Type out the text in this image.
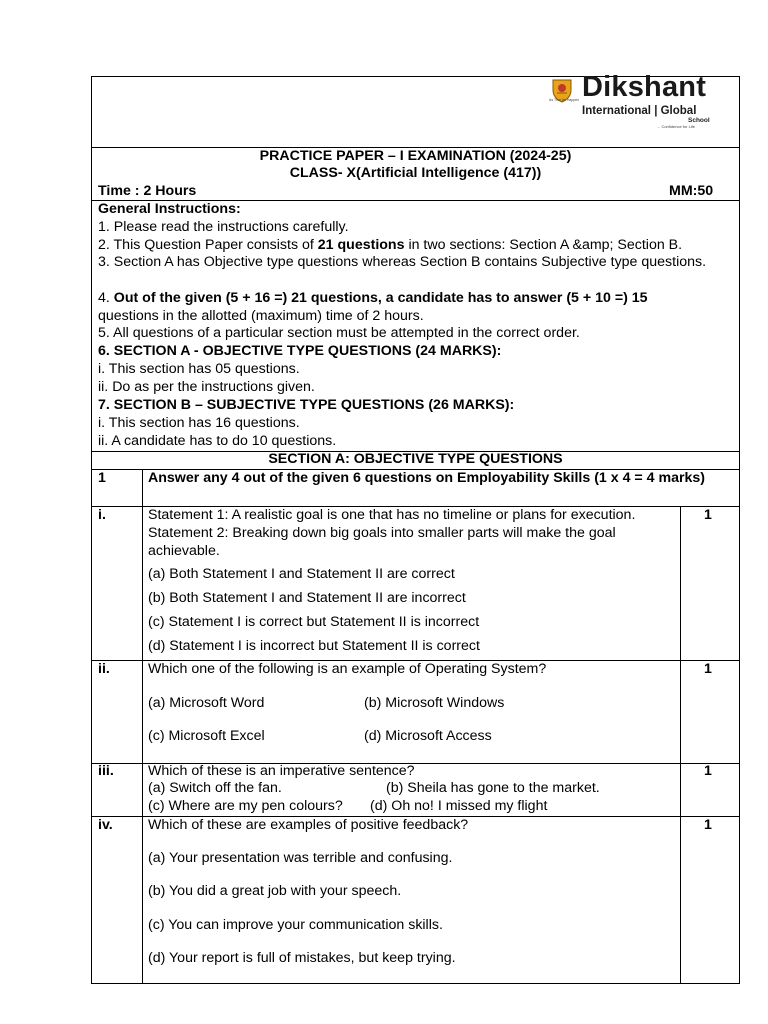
As True As Happen Dikshant
International | Global
School
... Confidence for Life
PRACTICE PAPER – I EXAMINATION (2024-25)
CLASS- X(Artificial Intelligence (417))
Time : 2 Hours	MM:50
General Instructions:
1. Please read the instructions carefully.
2. This Question Paper consists of 21 questions in two sections: Section A &amp; Section B.
3. Section A has Objective type questions whereas Section B contains Subjective type questions.
4. Out of the given (5 + 16 =) 21 questions, a candidate has to answer (5 + 10 =) 15
questions in the allotted (maximum) time of 2 hours.
5. All questions of a particular section must be attempted in the correct order.
6. SECTION A - OBJECTIVE TYPE QUESTIONS (24 MARKS):
i. This section has 05 questions.
ii. Do as per the instructions given.
7. SECTION B – SUBJECTIVE TYPE QUESTIONS (26 MARKS):
i. This section has 16 questions.
ii. A candidate has to do 10 questions.
SECTION A: OBJECTIVE TYPE QUESTIONS
1	Answer any 4 out of the given 6 questions on Employability Skills (1 x 4 = 4 marks)
i.	Statement 1: A realistic goal is one that has no timeline or plans for execution.
Statement 2: Breaking down big goals into smaller parts will make the goal
achievable.
(a) Both Statement I and Statement II are correct
(b) Both Statement I and Statement II are incorrect
(c) Statement I is correct but Statement II is incorrect
(d) Statement I is incorrect but Statement II is correct
1
ii.	Which one of the following is an example of Operating System?
(a) Microsoft Word	(b) Microsoft Windows
(c) Microsoft Excel	(d) Microsoft Access
1
iii. Which of these is an imperative sentence?
(a) Switch off the fan.	(b) Sheila has gone to the market.
(c) Where are my pen colours? (d) Oh no! I missed my flight
1
iv. Which of these are examples of positive feedback?
(a) Your presentation was terrible and confusing.
(b) You did a great job with your speech.
(c) You can improve your communication skills.
(d) Your report is full of mistakes, but keep trying.
1
